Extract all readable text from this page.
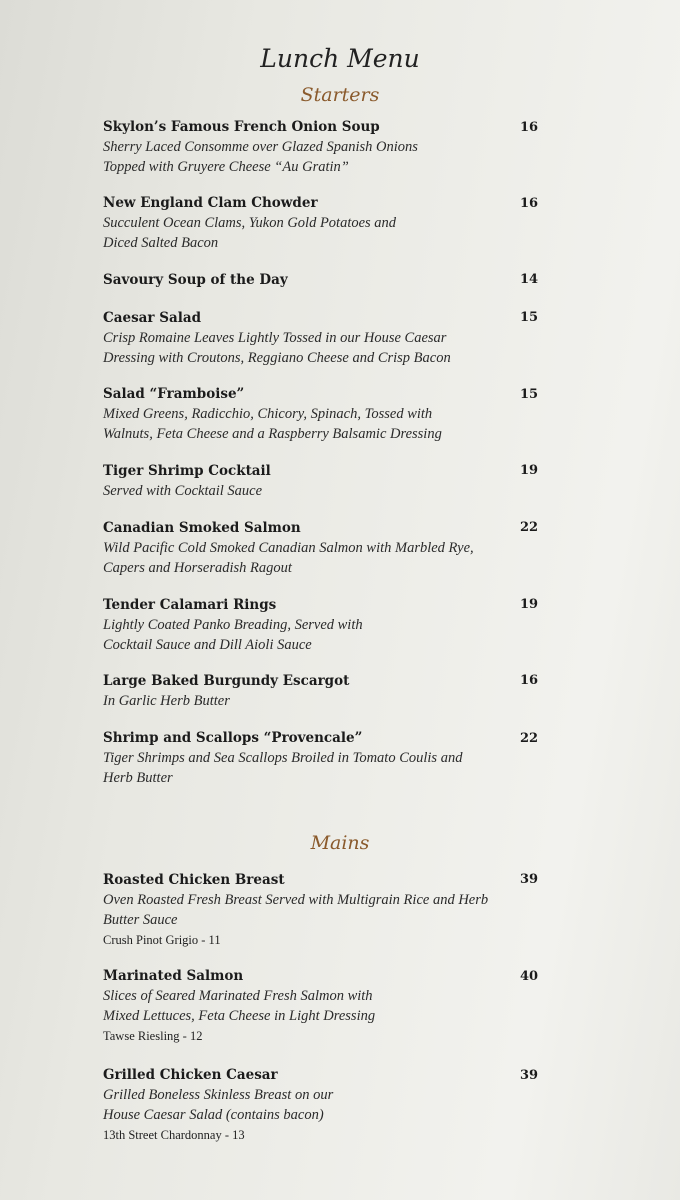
Lunch Menu
Starters
Skylon’s Famous French Onion Soup
Sherry Laced Consomme over Glazed Spanish Onions
Topped with Gruyere Cheese “Au Gratin”
16
New England Clam Chowder
Succulent Ocean Clams, Yukon Gold Potatoes and
Diced Salted Bacon
16
Savoury Soup of the Day	14
Caesar Salad
Crisp Romaine Leaves Lightly Tossed in our House Caesar
Dressing with Croutons, Reggiano Cheese and Crisp Bacon
15
Salad “Framboise”
Mixed Greens, Radicchio, Chicory, Spinach, Tossed with
Walnuts, Feta Cheese and a Raspberry Balsamic Dressing
15
Tiger Shrimp Cocktail
Served with Cocktail Sauce
19
Canadian Smoked Salmon
Wild Pacific Cold Smoked Canadian Salmon with Marbled Rye,
Capers and Horseradish Ragout
22
Tender Calamari Rings
Lightly Coated Panko Breading, Served with
Cocktail Sauce and Dill Aioli Sauce
19
Large Baked Burgundy Escargot
In Garlic Herb Butter
16
Shrimp and Scallops “Provencale”
Tiger Shrimps and Sea Scallops Broiled in Tomato Coulis and
Herb Butter
22
Mains
Roasted Chicken Breast
Oven Roasted Fresh Breast Served with Multigrain Rice and Herb
Butter Sauce
Crush Pinot Grigio - 11
39
Marinated Salmon
Slices of Seared Marinated Fresh Salmon with
Mixed Lettuces, Feta Cheese in Light Dressing
Tawse Riesling - 12
40
Grilled Chicken Caesar
Grilled Boneless Skinless Breast on our
House Caesar Salad (contains bacon)
13th Street Chardonnay - 13
39
